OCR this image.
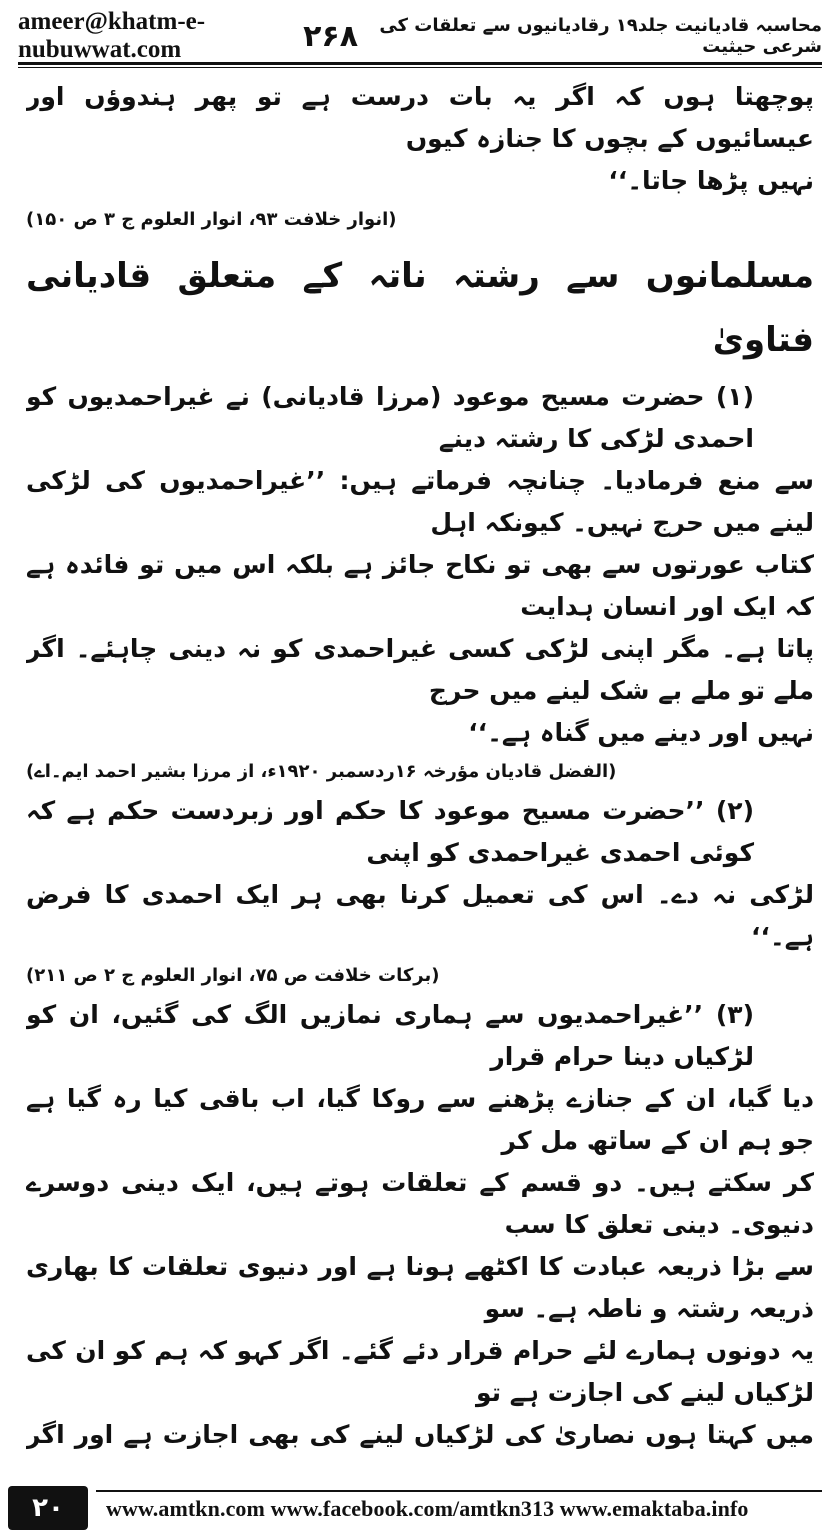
ameer@khatm-e-nubuwwat.com
محاسبہ قادیانیت جلد۱۹ رقادیانیوں سے تعلقات کی شرعی حیثیت
۲۶۸

پوچھتا ہوں کہ اگر یہ بات درست ہے تو پھر ہندوؤں اور عیسائیوں کے بچوں کا جنازہ کیوں

نہیں پڑھا جاتا۔‘‘

(انوار خلافت ۹۳، انوار العلوم ج ۳ ص ۱۵۰)

مسلمانوں سے رشتہ ناتہ کے متعلق قادیانی فتاویٰ

(۱) حضرت مسیح موعود (مرزا قادیانی) نے غیراحمدیوں کو احمدی لڑکی کا رشتہ دینے

سے منع فرمادیا۔ چنانچہ فرماتے ہیں: ’’غیراحمدیوں کی لڑکی لینے میں حرج نہیں۔ کیونکہ اہل

کتاب عورتوں سے بھی تو نکاح جائز ہے بلکہ اس میں تو فائدہ ہے کہ ایک اور انسان ہدایت

پاتا ہے۔ مگر اپنی لڑکی کسی غیراحمدی کو نہ دینی چاہئے۔ اگر ملے تو ملے بے شک لینے میں حرج

نہیں اور دینے میں گناہ ہے۔‘‘

(الفضل قادیان مؤرخہ ۱۶ردسمبر ۱۹۲۰ء، از مرزا بشیر احمد ایم۔اے)

(۲) ’’حضرت مسیح موعود کا حکم اور زبردست حکم ہے کہ کوئی احمدی غیراحمدی کو اپنی

لڑکی نہ دے۔ اس کی تعمیل کرنا بھی ہر ایک احمدی کا فرض ہے۔‘‘

(برکات خلافت ص ۷۵، انوار العلوم ج ۲ ص ۲۱۱)

(۳) ’’غیراحمدیوں سے ہماری نمازیں الگ کی گئیں، ان کو لڑکیاں دینا حرام قرار

دیا گیا، ان کے جنازے پڑھنے سے روکا گیا، اب باقی کیا رہ گیا ہے جو ہم ان کے ساتھ مل کر

کر سکتے ہیں۔ دو قسم کے تعلقات ہوتے ہیں، ایک دینی دوسرے دنیوی۔ دینی تعلق کا سب

سے بڑا ذریعہ عبادت کا اکٹھے ہونا ہے اور دنیوی تعلقات کا بھاری ذریعہ رشتہ و ناطہ ہے۔ سو

یہ دونوں ہمارے لئے حرام قرار دئے گئے۔ اگر کہو کہ ہم کو ان کی لڑکیاں لینے کی اجازت ہے تو

میں کہتا ہوں نصاریٰ کی لڑکیاں لینے کی بھی اجازت ہے اور اگر

۲۰	www.amtkn.com www.facebook.com/amtkn313 www.emaktaba.info
